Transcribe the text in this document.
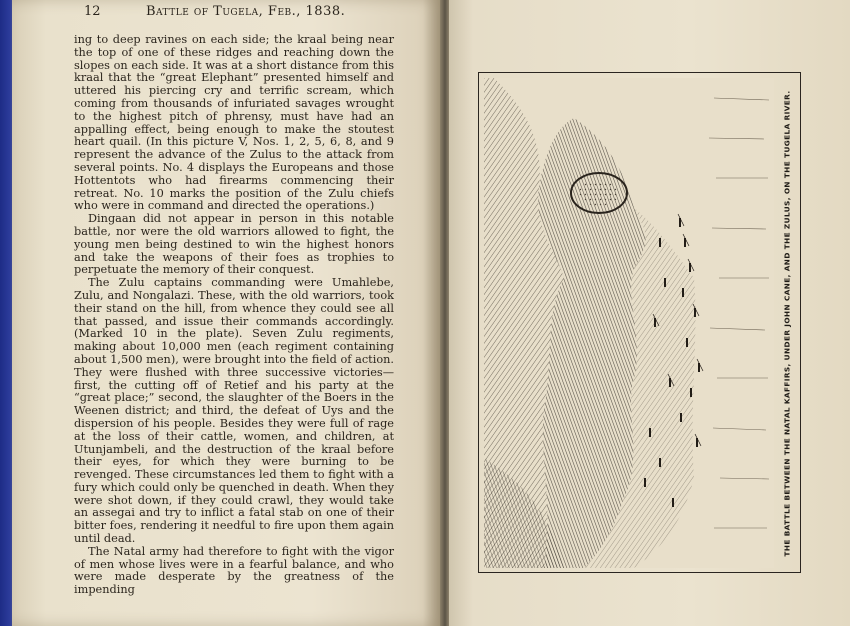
12	Battle of Tugela, Feb., 1838.

ing to deep ravines on each side; the kraal being near the top of one of these ridges and reaching down the slopes on each side. It was at a short distance from this kraal that the “great Elephant” presented himself and uttered his piercing cry and terrific scream, which coming from thousands of infuriated savages wrought to the highest pitch of phrensy, must have had an appalling effect, being enough to make the stoutest heart quail. (In this picture V, Nos. 1, 2, 5, 6, 8, and 9 represent the advance of the Zulus to the attack from several points. No. 4 displays the Europeans and those Hottentots who had firearms commencing their retreat. No. 10 marks the position of the Zulu chiefs who were in command and directed the operations.)

Dingaan did not appear in person in this notable battle, nor were the old warriors allowed to fight, the young men being destined to win the highest honors and take the weapons of their foes as trophies to perpetuate the memory of their conquest.

The Zulu captains commanding were Umahlebe, Zulu, and Nongalazi. These, with the old warriors, took their stand on the hill, from whence they could see all that passed, and issue their commands accordingly. (Marked 10 in the plate). Seven Zulu regiments, making about 10,000 men (each regiment containing about 1,500 men), were brought into the field of action. They were flushed with three successive victories—first, the cutting off of Retief and his party at the “great place;” second, the slaughter of the Boers in the Weenen district; and third, the defeat of Uys and the dispersion of his people. Besides they were full of rage at the loss of their cattle, women, and children, at Utunjambeli, and the destruction of the kraal before their eyes, for which they were burning to be revenged. These circumstances led them to fight with a fury which could only be quenched in death. When they were shot down, if they could crawl, they would take an assegai and try to inflict a fatal stab on one of their bitter foes, rendering it needful to fire upon them again until dead.

The Natal army had therefore to fight with the vigor of men whose lives were in a fearful balance, and who were made desperate by the greatness of the impending

THE BATTLE BETWEEN THE NATAL KAFFIRS, UNDER JOHN CANE, AND THE ZULUS, ON THE TUGELA RIVER.
